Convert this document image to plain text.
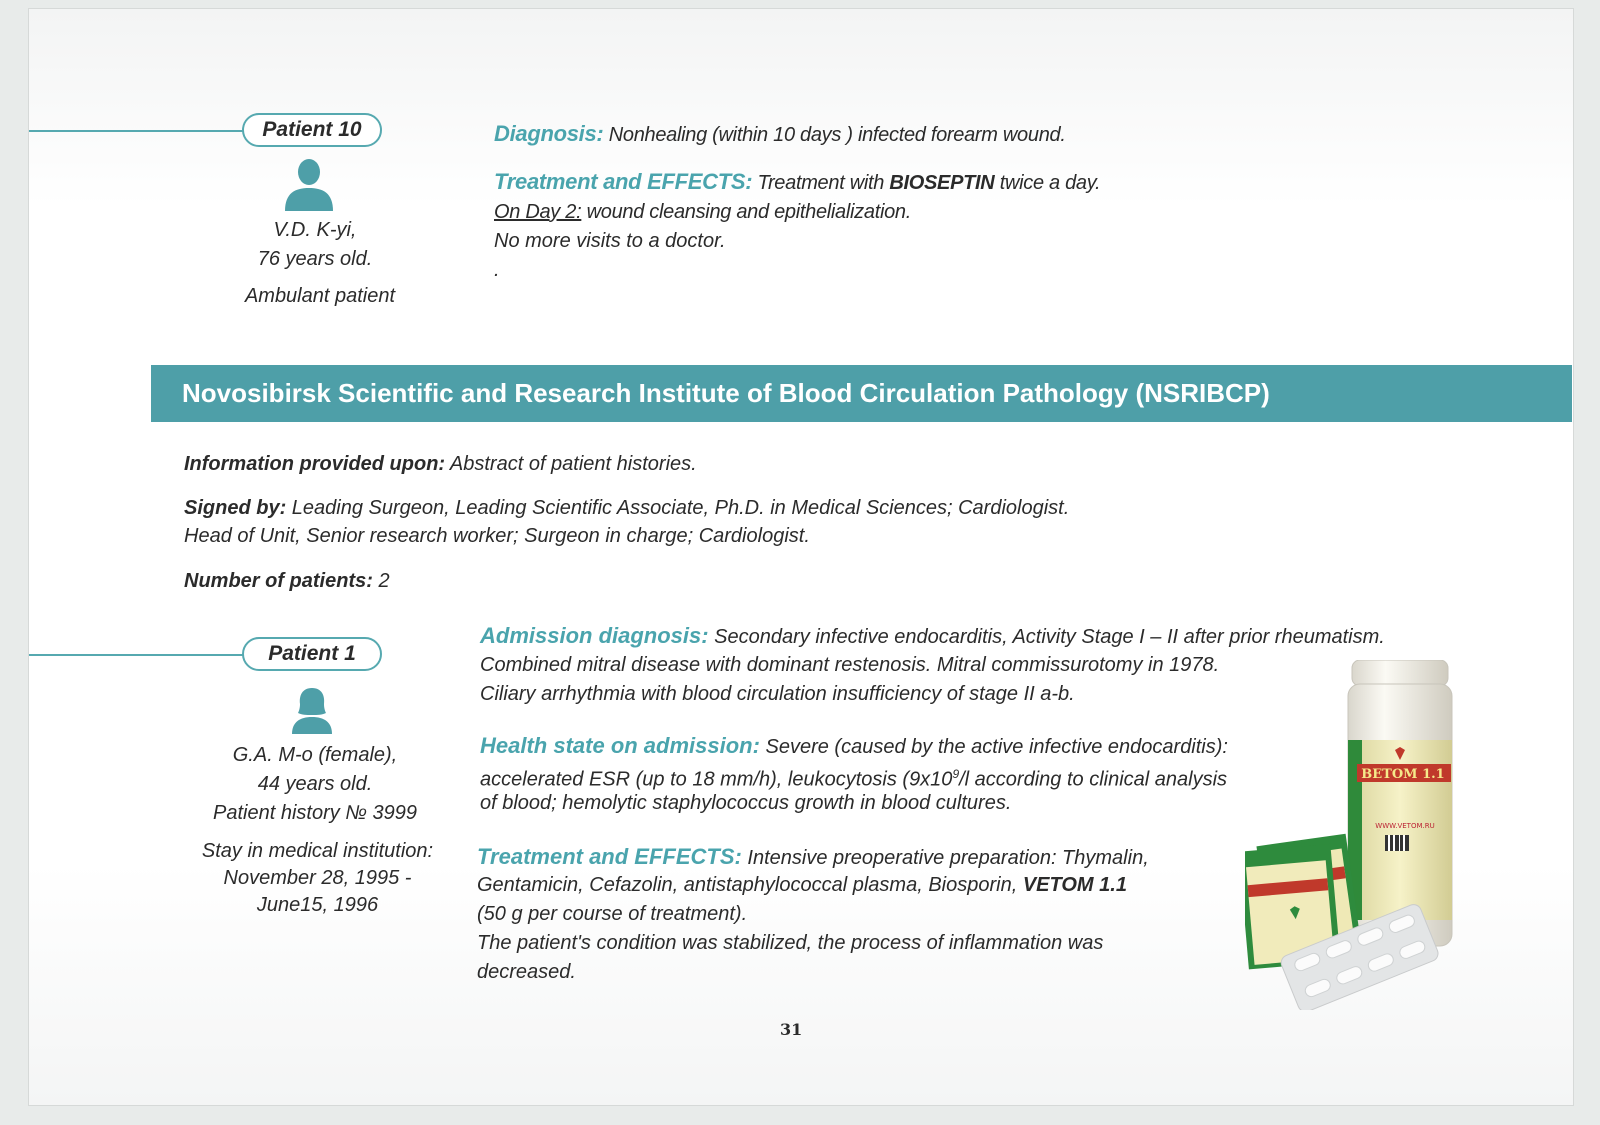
Patient 10
V.D. K-yi,
76 years old.
Ambulant patient
Diagnosis: Nonhealing (within 10 days ) infected forearm wound.
Treatment and EFFECTS: Treatment with BIOSEPTIN twice a day.
On Day 2: wound cleansing and epithelialization.
No more visits to a doctor.
.
Novosibirsk Scientific and Research Institute of Blood Circulation Pathology (NSRIBCP)
Information provided upon: Abstract of patient histories.
Signed by: Leading Surgeon, Leading Scientific Associate, Ph.D. in Medical Sciences; Cardiologist.
Head of Unit, Senior research worker; Surgeon in charge; Cardiologist.
Number of patients: 2
Patient 1
G.A. M-o (female),
44 years old.
Patient history № 3999
Stay in medical institution:
November 28, 1995 -
June15, 1996
Admission diagnosis: Secondary infective endocarditis, Activity Stage I – II after prior rheumatism.
Combined mitral disease with dominant restenosis. Mitral commissurotomy in 1978.
Ciliary arrhythmia with blood circulation insufficiency of stage II a-b.
Health state on admission: Severe (caused by the active infective endocarditis):
accelerated ESR (up to 18 mm/h), leukocytosis ($9x10^9/l$ according to clinical analysis
of blood; hemolytic staphylococcus growth in blood cultures.
Treatment and EFFECTS: Intensive preoperative preparation: Thymalin,
Gentamicin, Cefazolin, antistaphylococcal plasma, Biosporin, VETOM 1.1
(50 g per course of treatment).
The patient's condition was stabilized, the process of inflammation was
decreased.
ВЕТОМ 1.1
WWW.VETOM.RU
31
